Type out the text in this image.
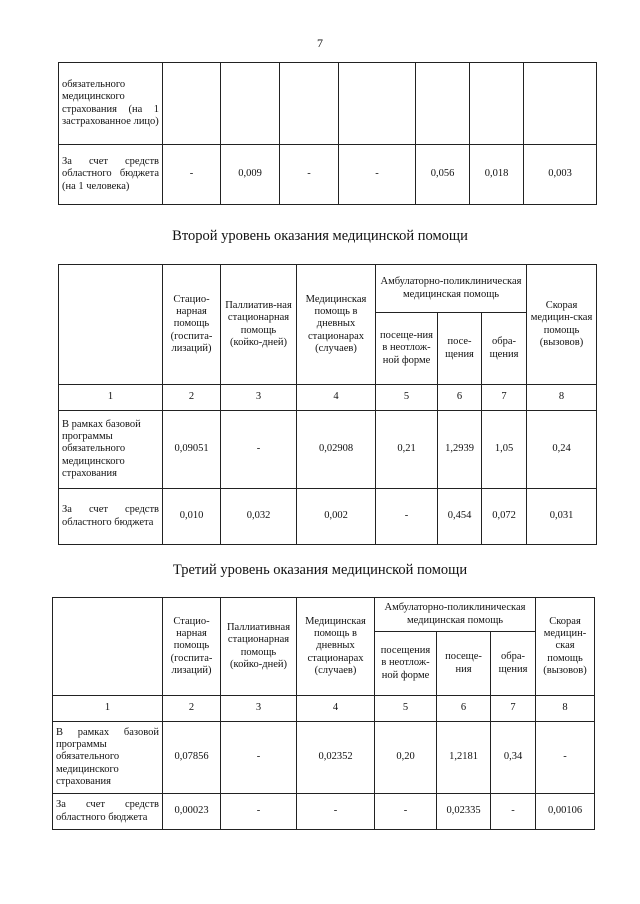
7
обязательного медицинского страхования (на 1 застрахованное лицо)							
За счет средств областного бюджета (на 1 человека)	-	0,009	-	-	0,056	0,018	0,003
Второй уровень оказания медицинской помощи
	Стацио-нарная помощь (госпита-лизаций)	Паллиатив-ная стационарная помощь (койко-дней)	Медицинская помощь в дневных стационарах (случаев)	Амбулаторно-поликлиническая медицинская помощь			Скорая медицин-ская помощь (вызовов)
				посеще-ния в неотлож-ной форме	посе-щения	обра-щения	
1	2	3	4	5	6	7	8
В рамках базовой программы обязательного медицинского страхования	0,09051	-	0,02908	0,21	1,2939	1,05	0,24
За счет средств областного бюджета	0,010	0,032	0,002	-	0,454	0,072	0,031
Третий уровень оказания медицинской помощи
	Стацио-нарная помощь (госпита-лизаций)	Паллиативная стационарная помощь (койко-дней)	Медицинская помощь в дневных стационарах (случаев)	Амбулаторно-поликлиническая медицинская помощь			Скорая медицин-ская помощь (вызовов)
				посещения в неотлож-ной форме	посеще-ния	обра-щения	
1	2	3	4	5	6	7	8
В рамках базовой программы обязательного медицинского страхования	0,07856	-	0,02352	0,20	1,2181	0,34	-
За счет средств областного бюджета	0,00023	-	-	-	0,02335	-	0,00106
